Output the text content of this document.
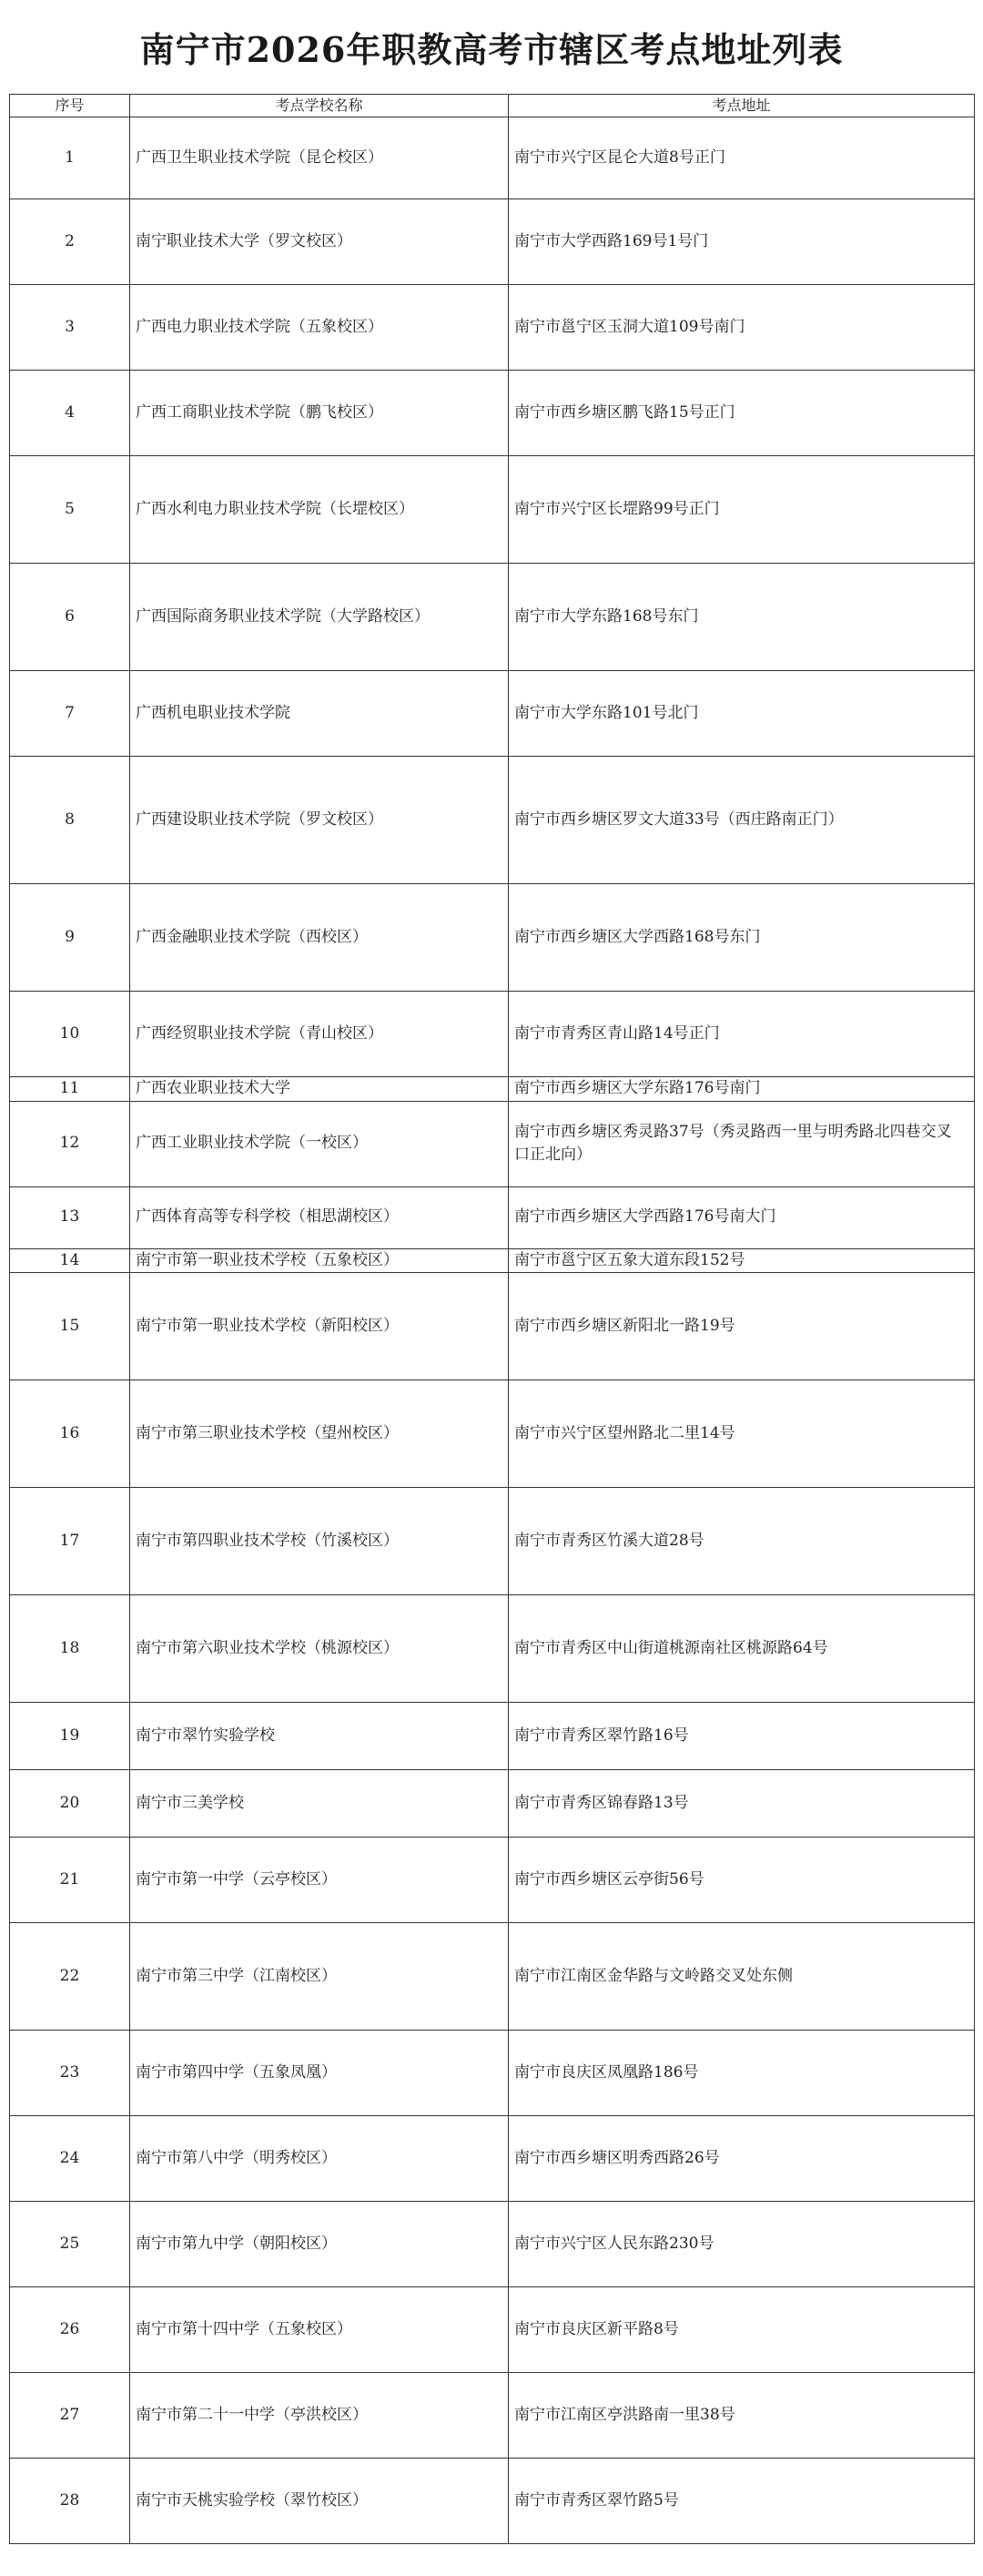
南宁市2026年职教高考市辖区考点地址列表
序号	考点学校名称	考点地址
1	广西卫生职业技术学院（昆仑校区）	南宁市兴宁区昆仑大道8号正门
2	南宁职业技术大学（罗文校区）	南宁市大学西路169号1号门
3	广西电力职业技术学院（五象校区）	南宁市邕宁区玉洞大道109号南门
4	广西工商职业技术学院（鹏飞校区）	南宁市西乡塘区鹏飞路15号正门
5	广西水利电力职业技术学院（长堽校区）	南宁市兴宁区长堽路99号正门
6	广西国际商务职业技术学院（大学路校区）	南宁市大学东路168号东门
7	广西机电职业技术学院	南宁市大学东路101号北门
8	广西建设职业技术学院（罗文校区）	南宁市西乡塘区罗文大道33号（西庄路南正门）
9	广西金融职业技术学院（西校区）	南宁市西乡塘区大学西路168号东门
10	广西经贸职业技术学院（青山校区）	南宁市青秀区青山路14号正门
11	广西农业职业技术大学	南宁市西乡塘区大学东路176号南门
12	广西工业职业技术学院（一校区）	南宁市西乡塘区秀灵路37号（秀灵路西一里与明秀路北四巷交叉口正北向）
13	广西体育高等专科学校（相思湖校区）	南宁市西乡塘区大学西路176号南大门
14	南宁市第一职业技术学校（五象校区）	南宁市邕宁区五象大道东段152号
15	南宁市第一职业技术学校（新阳校区）	南宁市西乡塘区新阳北一路19号
16	南宁市第三职业技术学校（望州校区）	南宁市兴宁区望州路北二里14号
17	南宁市第四职业技术学校（竹溪校区）	南宁市青秀区竹溪大道28号
18	南宁市第六职业技术学校（桃源校区）	南宁市青秀区中山街道桃源南社区桃源路64号
19	南宁市翠竹实验学校	南宁市青秀区翠竹路16号
20	南宁市三美学校	南宁市青秀区锦春路13号
21	南宁市第一中学（云亭校区）	南宁市西乡塘区云亭街56号
22	南宁市第三中学（江南校区）	南宁市江南区金华路与文岭路交叉处东侧
23	南宁市第四中学（五象凤凰）	南宁市良庆区凤凰路186号
24	南宁市第八中学（明秀校区）	南宁市西乡塘区明秀西路26号
25	南宁市第九中学（朝阳校区）	南宁市兴宁区人民东路230号
26	南宁市第十四中学（五象校区）	南宁市良庆区新平路8号
27	南宁市第二十一中学（亭洪校区）	南宁市江南区亭洪路南一里38号
28	南宁市天桃实验学校（翠竹校区）	南宁市青秀区翠竹路5号
